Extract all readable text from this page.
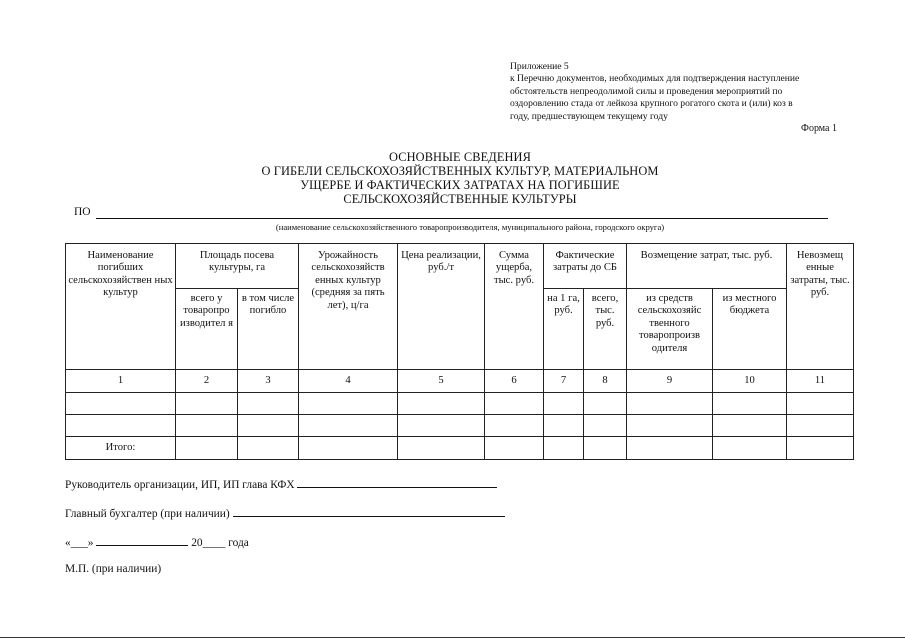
Приложение 5
к Перечню документов, необходимых для подтверждения наступление
обстоятельств непреодолимой силы и проведения мероприятий по
оздоровлению стада от лейкоза крупного рогатого скота и (или) коз в
году, предшествующем текущему году
Форма 1
ОСНОВНЫЕ СВЕДЕНИЯ
О ГИБЕЛИ СЕЛЬСКОХОЗЯЙСТВЕННЫХ КУЛЬТУР, МАТЕРИАЛЬНОМ
УЩЕРБЕ И ФАКТИЧЕСКИХ ЗАТРАТАХ НА ПОГИБШИЕ
СЕЛЬСКОХОЗЯЙСТВЕННЫЕ КУЛЬТУРЫ
ПО
(наименование сельскохозяйственного товаропроизводителя, муниципального района, городского округа)
Наименование погибших сельскохозяйствен ных культур	Площадь посева культуры, га		Урожайность сельскохозяйств енных культур (средняя за пять лет), ц/га	Цена реализации, руб./т	Сумма ущерба, тыс. руб.	Фактические затраты до СБ		Возмещение затрат, тыс. руб.		Невозмещ енные затраты, тыс. руб.
	всего у товаропро изводител я	в том числе погибло				на 1 га, руб.	всего, тыс. руб.	из средств сельскохозяйс твенного товаропроизв одителя	из местного бюджета	
1	2	3	4	5	6	7	8	9	10	11

Итого:										
Руководитель организации, ИП, ИП глава КФХ
Главный бухгалтер (при наличии)
«___»	20____ года
М.П. (при наличии)
